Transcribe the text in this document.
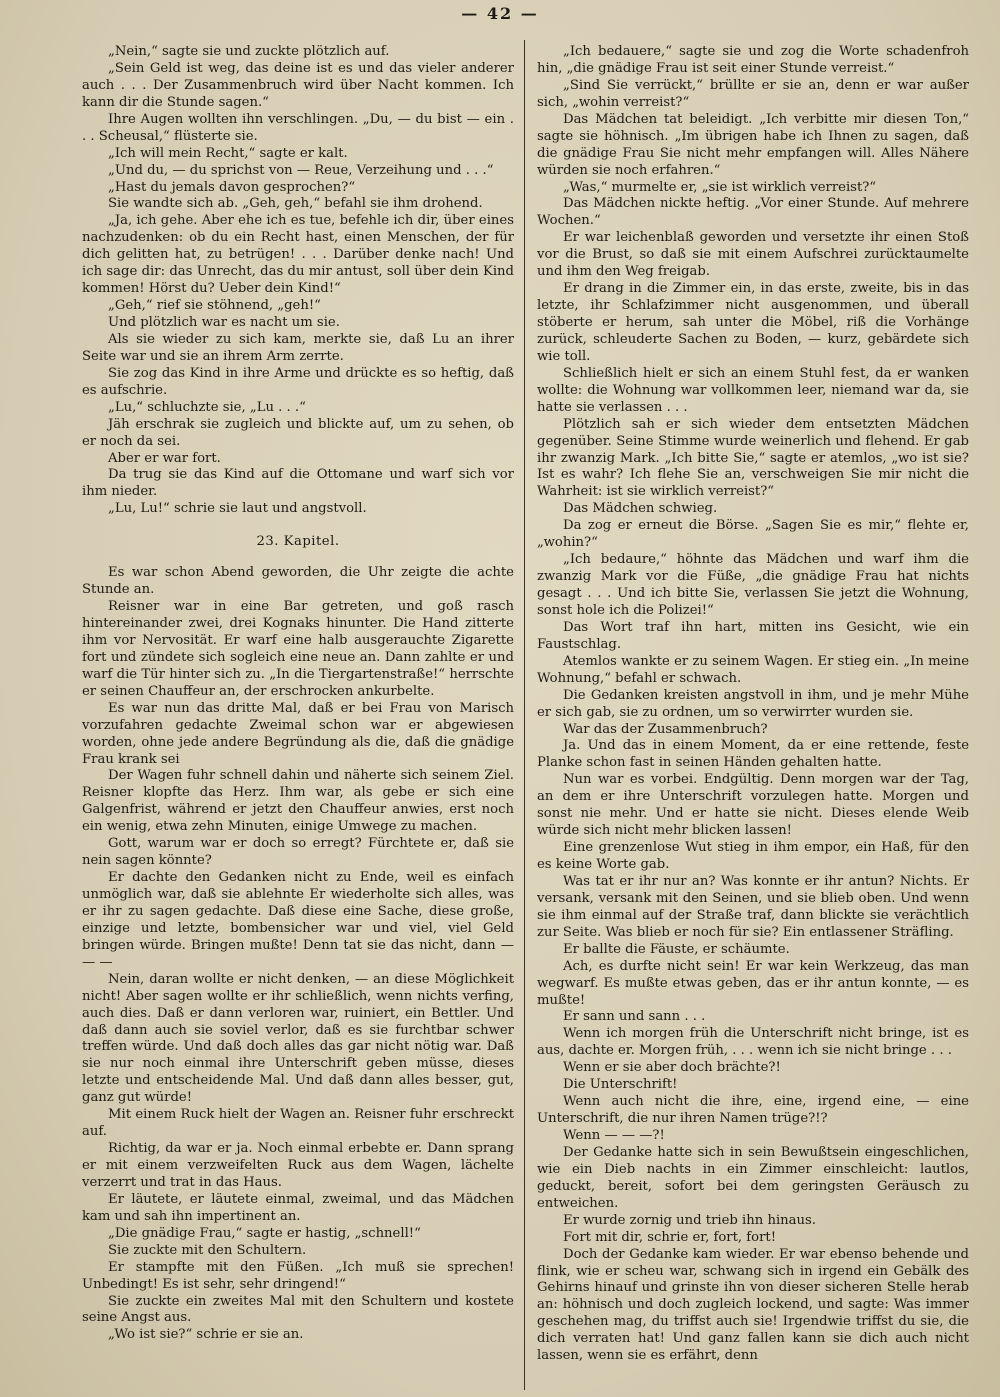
— 42 —

„Nein,“ sagte sie und zuckte plötzlich auf.

„Sein Geld ist weg, das deine ist es und das vieler anderer auch . . . Der Zusammenbruch wird über Nacht kommen. Ich kann dir die Stunde sagen.“

Ihre Augen wollten ihn verschlingen. „Du, — du bist — ein . . . Scheusal,“ flüsterte sie.

„Ich will mein Recht,“ sagte er kalt.

„Und du, — du sprichst von — Reue, Verzeihung und . . .“

„Hast du jemals davon gesprochen?“

Sie wandte sich ab. „Geh, geh,“ befahl sie ihm drohend.

„Ja, ich gehe. Aber ehe ich es tue, befehle ich dir, über eines nachzudenken: ob du ein Recht hast, einen Menschen, der für dich gelitten hat, zu betrügen! . . . Darüber denke nach! Und ich sage dir: das Unrecht, das du mir antust, soll über dein Kind kommen! Hörst du? Ueber dein Kind!“

„Geh,“ rief sie stöhnend, „geh!“

Und plötzlich war es nacht um sie.

Als sie wieder zu sich kam, merkte sie, daß Lu an ihrer Seite war und sie an ihrem Arm zerrte.

Sie zog das Kind in ihre Arme und drückte es so heftig, daß es aufschrie.

„Lu,“ schluchzte sie, „Lu . . .“

Jäh erschrak sie zugleich und blickte auf, um zu sehen, ob er noch da sei.

Aber er war fort.

Da trug sie das Kind auf die Ottomane und warf sich vor ihm nieder.

„Lu, Lu!“ schrie sie laut und angstvoll.

23. Kapitel.

Es war schon Abend geworden, die Uhr zeigte die achte Stunde an.

Reisner war in eine Bar getreten, und goß rasch hintereinander zwei, drei Kognaks hinunter. Die Hand zitterte ihm vor Nervosität. Er warf eine halb ausgerauchte Zigarette fort und zündete sich sogleich eine neue an. Dann zahlte er und warf die Tür hinter sich zu. „In die Tiergartenstraße!“ herrschte er seinen Chauffeur an, der erschrocken ankurbelte.

Es war nun das dritte Mal, daß er bei Frau von Marisch vorzufahren gedachte Zweimal schon war er abgewiesen worden, ohne jede andere Begründung als die, daß die gnädige Frau krank sei

Der Wagen fuhr schnell dahin und näherte sich seinem Ziel. Reisner klopfte das Herz. Ihm war, als gebe er sich eine Galgenfrist, während er jetzt den Chauffeur anwies, erst noch ein wenig, etwa zehn Minuten, einige Umwege zu machen.

Gott, warum war er doch so erregt? Fürchtete er, daß sie nein sagen könnte?

Er dachte den Gedanken nicht zu Ende, weil es einfach unmöglich war, daß sie ablehnte Er wiederholte sich alles, was er ihr zu sagen gedachte. Daß diese eine Sache, diese große, einzige und letzte, bombensicher war und viel, viel Geld bringen würde. Bringen mußte! Denn tat sie das nicht, dann — — —

Nein, daran wollte er nicht denken, — an diese Möglichkeit nicht! Aber sagen wollte er ihr schließlich, wenn nichts verfing, auch dies. Daß er dann verloren war, ruiniert, ein Bettler. Und daß dann auch sie soviel verlor, daß es sie furchtbar schwer treffen würde. Und daß doch alles das gar nicht nötig war. Daß sie nur noch einmal ihre Unterschrift geben müsse, dieses letzte und entscheidende Mal. Und daß dann alles besser, gut, ganz gut würde!

Mit einem Ruck hielt der Wagen an. Reisner fuhr erschreckt auf.

Richtig, da war er ja. Noch einmal erbebte er. Dann sprang er mit einem verzweifelten Ruck aus dem Wagen, lächelte verzerrt und trat in das Haus.

Er läutete, er läutete einmal, zweimal, und das Mädchen kam und sah ihn impertinent an.

„Die gnädige Frau,“ sagte er hastig, „schnell!“

Sie zuckte mit den Schultern.

Er stampfte mit den Füßen. „Ich muß sie sprechen! Unbedingt! Es ist sehr, sehr dringend!“

Sie zuckte ein zweites Mal mit den Schultern und kostete seine Angst aus.

„Wo ist sie?“ schrie er sie an.

„Ich bedauere,“ sagte sie und zog die Worte schadenfroh hin, „die gnädige Frau ist seit einer Stunde verreist.“

„Sind Sie verrückt,“ brüllte er sie an, denn er war außer sich, „wohin verreist?“

Das Mädchen tat beleidigt. „Ich verbitte mir diesen Ton,“ sagte sie höhnisch. „Im übrigen habe ich Ihnen zu sagen, daß die gnädige Frau Sie nicht mehr empfangen will. Alles Nähere würden sie noch erfahren.“

„Was,“ murmelte er, „sie ist wirklich verreist?“

Das Mädchen nickte heftig. „Vor einer Stunde. Auf mehrere Wochen.“

Er war leichenblaß geworden und versetzte ihr einen Stoß vor die Brust, so daß sie mit einem Aufschrei zurücktaumelte und ihm den Weg freigab.

Er drang in die Zimmer ein, in das erste, zweite, bis in das letzte, ihr Schlafzimmer nicht ausgenommen, und überall stöberte er herum, sah unter die Möbel, riß die Vorhänge zurück, schleuderte Sachen zu Boden, — kurz, gebärdete sich wie toll.

Schließlich hielt er sich an einem Stuhl fest, da er wanken wollte: die Wohnung war vollkommen leer, niemand war da, sie hatte sie verlassen . . .

Plötzlich sah er sich wieder dem entsetzten Mädchen gegenüber. Seine Stimme wurde weinerlich und flehend. Er gab ihr zwanzig Mark. „Ich bitte Sie,“ sagte er atemlos, „wo ist sie? Ist es wahr? Ich flehe Sie an, verschweigen Sie mir nicht die Wahrheit: ist sie wirklich verreist?“

Das Mädchen schwieg.

Da zog er erneut die Börse. „Sagen Sie es mir,“ flehte er, „wohin?“

„Ich bedaure,“ höhnte das Mädchen und warf ihm die zwanzig Mark vor die Füße, „die gnädige Frau hat nichts gesagt . . . Und ich bitte Sie, verlassen Sie jetzt die Wohnung, sonst hole ich die Polizei!“

Das Wort traf ihn hart, mitten ins Gesicht, wie ein Faustschlag.

Atemlos wankte er zu seinem Wagen. Er stieg ein. „In meine Wohnung,“ befahl er schwach.

Die Gedanken kreisten angstvoll in ihm, und je mehr Mühe er sich gab, sie zu ordnen, um so verwirrter wurden sie.

War das der Zusammenbruch?

Ja. Und das in einem Moment, da er eine rettende, feste Planke schon fast in seinen Händen gehalten hatte.

Nun war es vorbei. Endgültig. Denn morgen war der Tag, an dem er ihre Unterschrift vorzulegen hatte. Morgen und sonst nie mehr. Und er hatte sie nicht. Dieses elende Weib würde sich nicht mehr blicken lassen!

Eine grenzenlose Wut stieg in ihm empor, ein Haß, für den es keine Worte gab.

Was tat er ihr nur an? Was konnte er ihr antun? Nichts. Er versank, versank mit den Seinen, und sie blieb oben. Und wenn sie ihm einmal auf der Straße traf, dann blickte sie verächtlich zur Seite. Was blieb er noch für sie? Ein entlassener Sträfling.

Er ballte die Fäuste, er schäumte.

Ach, es durfte nicht sein! Er war kein Werkzeug, das man wegwarf. Es mußte etwas geben, das er ihr antun konnte, — es mußte!

Er sann und sann . . .

Wenn ich morgen früh die Unterschrift nicht bringe, ist es aus, dachte er. Morgen früh, . . . wenn ich sie nicht bringe . . .

Wenn er sie aber doch brächte?!

Die Unterschrift!

Wenn auch nicht die ihre, eine, irgend eine, — eine Unterschrift, die nur ihren Namen trüge?!?

Wenn — — —?!

Der Gedanke hatte sich in sein Bewußtsein eingeschlichen, wie ein Dieb nachts in ein Zimmer einschleicht: lautlos, geduckt, bereit, sofort bei dem geringsten Geräusch zu entweichen.

Er wurde zornig und trieb ihn hinaus.

Fort mit dir, schrie er, fort, fort!

Doch der Gedanke kam wieder. Er war ebenso behende und flink, wie er scheu war, schwang sich in irgend ein Gebälk des Gehirns hinauf und grinste ihn von dieser sicheren Stelle herab an: höhnisch und doch zugleich lockend, und sagte: Was immer geschehen mag, du triffst auch sie! Irgendwie triffst du sie, die dich verraten hat! Und ganz fallen kann sie dich auch nicht lassen, wenn sie es erfährt, denn
